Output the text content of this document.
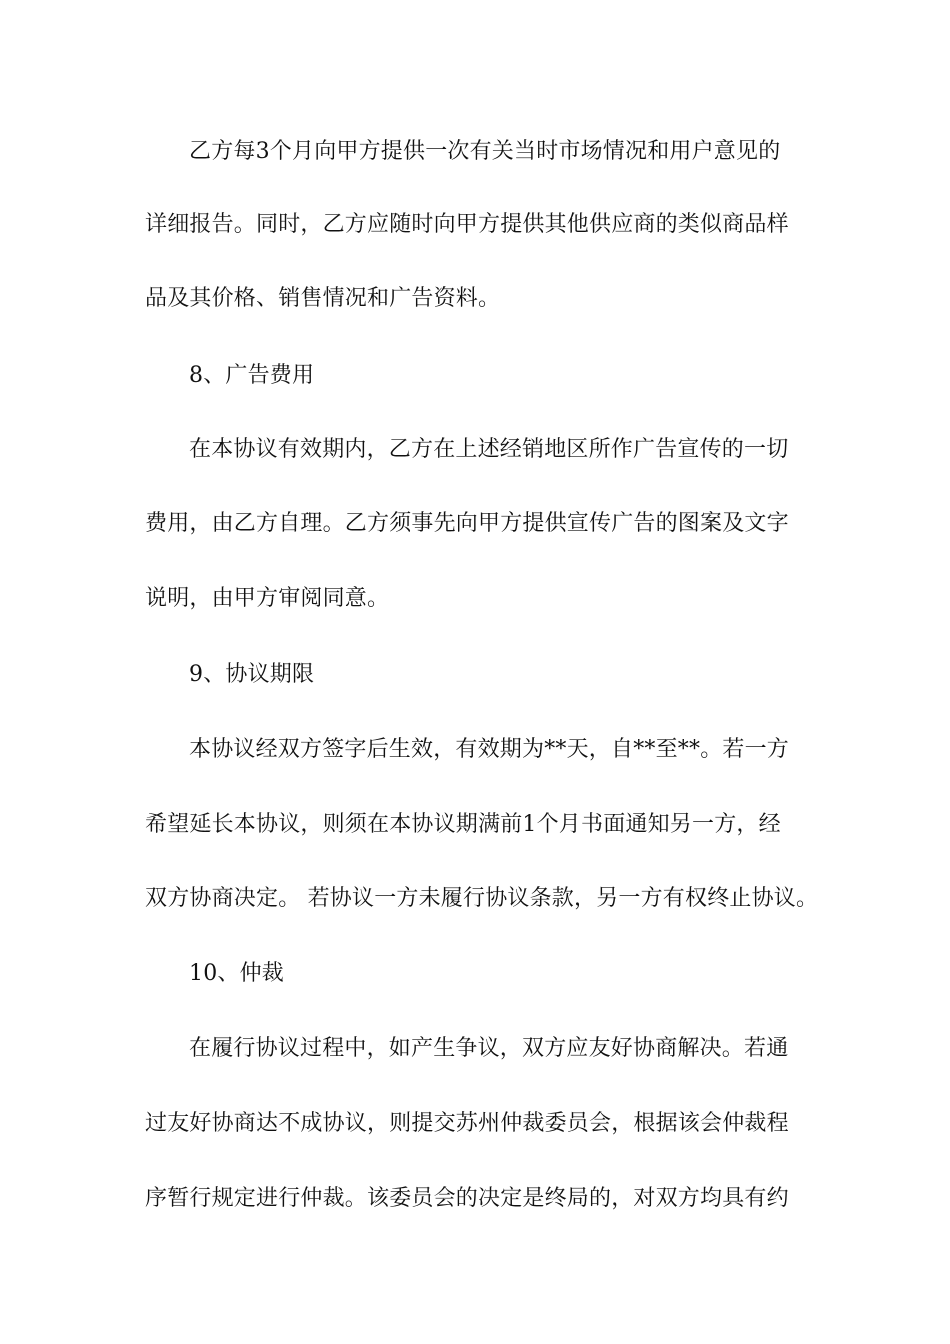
乙方每3个月向甲方提供一次有关当时市场情况和用户意见的
详细报告。同时，乙方应随时向甲方提供其他供应商的类似商品样
品及其价格、销售情况和广告资料。
8、广告费用
在本协议有效期内，乙方在上述经销地区所作广告宣传的一切
费用，由乙方自理。乙方须事先向甲方提供宣传广告的图案及文字
说明，由甲方审阅同意。
9、协议期限
本协议经双方签字后生效，有效期为**天，自**至**。若一方
希望延长本协议，则须在本协议期满前1个月书面通知另一方，经
双方协商决定。 若协议一方未履行协议条款，另一方有权终止协议。
10、仲裁
在履行协议过程中，如产生争议，双方应友好协商解决。若通
过友好协商达不成协议，则提交苏州仲裁委员会，根据该会仲裁程
序暂行规定进行仲裁。该委员会的决定是终局的，对双方均具有约
